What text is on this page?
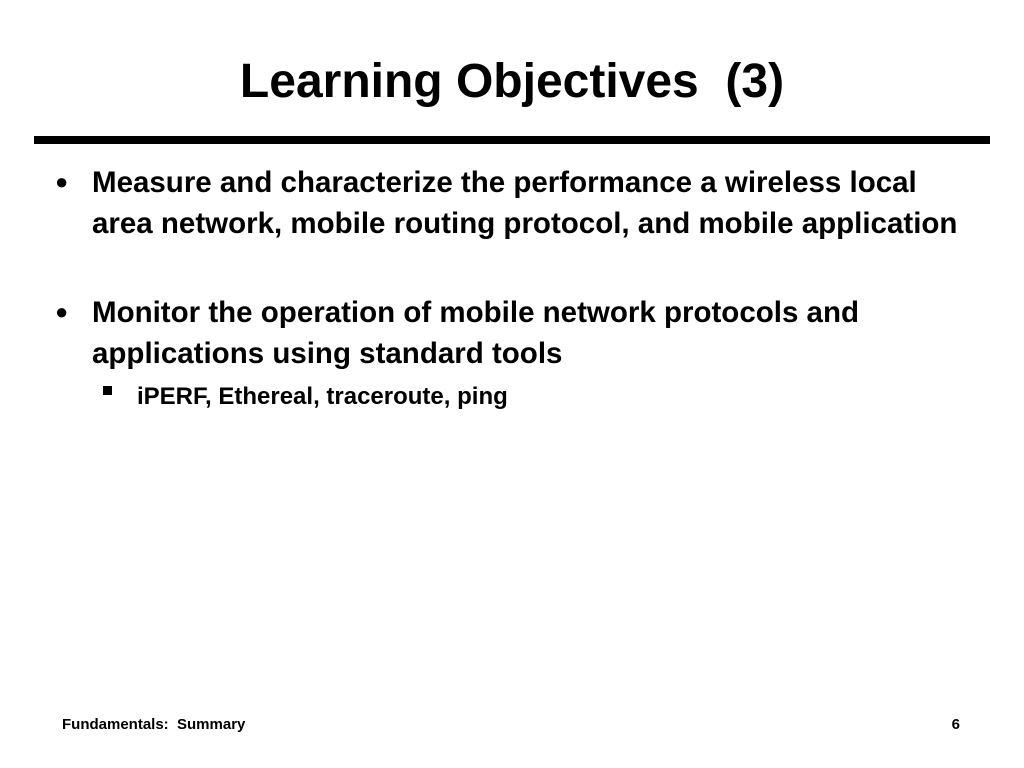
Learning Objectives  (3)
● Measure and characterize the performance a wireless local area network, mobile routing protocol, and mobile application
● Monitor the operation of mobile network protocols and applications using standard tools
iPERF, Ethereal, traceroute, ping
Fundamentals:  Summary	6
